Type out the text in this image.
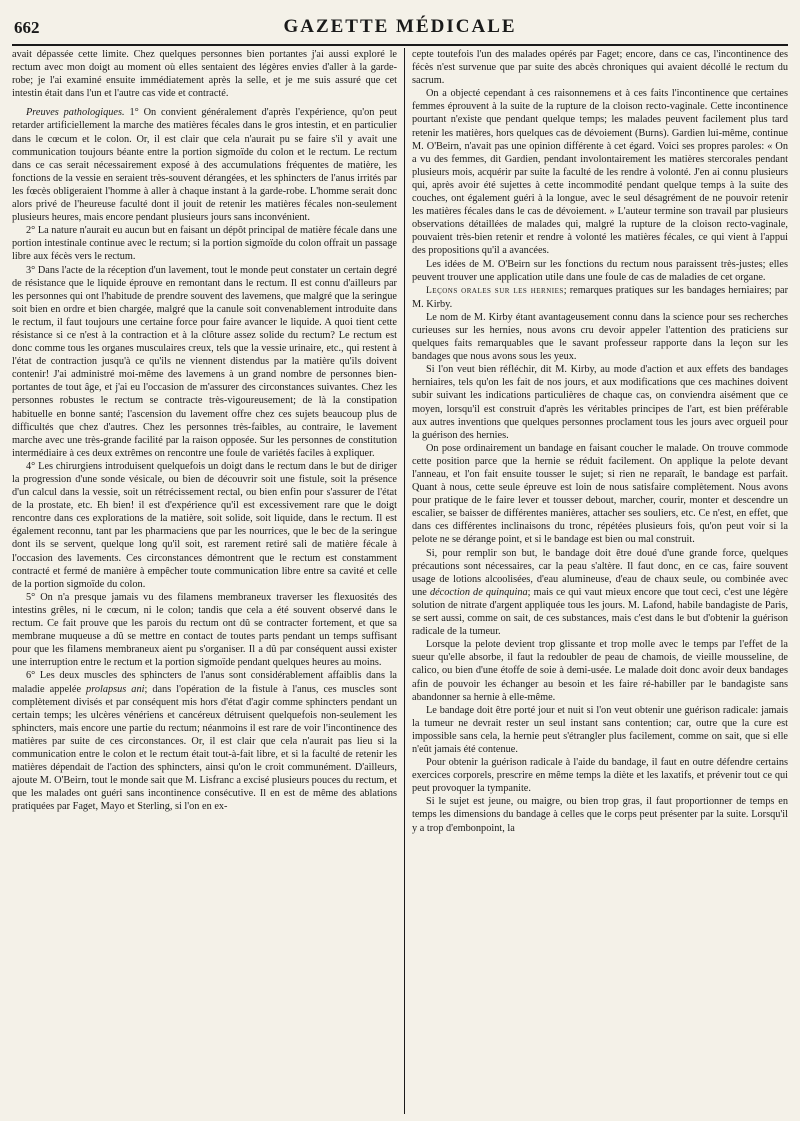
662	GAZETTE MÉDICALE

avait dépassée cette limite. Chez quelques personnes bien portantes j'ai aussi exploré le rectum avec mon doigt au moment où elles sentaient des légères envies d'aller à la garde-robe; je l'ai examiné ensuite immédiatement après la selle, et je me suis assuré que cet intestin était dans l'un et l'autre cas vide et contracté.

Preuves pathologiques. 1° On convient généralement d'après l'expérience, qu'on peut retarder artificiellement la marche des matières fécales dans le gros intestin, et en particulier dans le cœcum et le colon. Or, il est clair que cela n'aurait pu se faire s'il y avait une communication toujours béante entre la portion sigmoïde du colon et le rectum. Le rectum dans ce cas serait nécessairement exposé à des accumulations fréquentes de matière, les fonctions de la vessie en seraient très-souvent dérangées, et les sphincters de l'anus irrités par les fœcès obligeraient l'homme à aller à chaque instant à la garde-robe. L'homme serait donc alors privé de l'heureuse faculté dont il jouit de retenir les matières fécales non-seulement plusieurs heures, mais encore pendant plusieurs jours sans inconvénient.

2° La nature n'aurait eu aucun but en faisant un dépôt principal de matière fécale dans une portion intestinale continue avec le rectum; si la portion sigmoïde du colon offrait un passage libre aux fécès vers le rectum.

3° Dans l'acte de la réception d'un lavement, tout le monde peut constater un certain degré de résistance que le liquide éprouve en remontant dans le rectum. Il est connu d'ailleurs par les personnes qui ont l'habitude de prendre souvent des lavemens, que malgré que la seringue soit bien en ordre et bien chargée, malgré que la canule soit convenablement introduite dans le rectum, il faut toujours une certaine force pour faire avancer le liquide. A quoi tient cette résistance si ce n'est à la contraction et à la clôture assez solide du rectum? Le rectum est donc comme tous les organes musculaires creux, tels que la vessie urinaire, etc., qui restent à l'état de contraction jusqu'à ce qu'ils ne viennent distendus par la matière qu'ils doivent contenir! J'ai administré moi-même des lavemens à un grand nombre de personnes bien-portantes de tout âge, et j'ai eu l'occasion de m'assurer des circonstances suivantes. Chez les personnes robustes le rectum se contracte très-vigoureusement; de là la constipation habituelle en bonne santé; l'ascension du lavement offre chez ces sujets beaucoup plus de difficultés que chez d'autres. Chez les personnes très-faibles, au contraire, le lavement marche avec une très-grande facilité par la raison opposée. Sur les personnes de constitution intermédiaire à ces deux extrêmes on rencontre une foule de variétés faciles à expliquer.

4° Les chirurgiens introduisent quelquefois un doigt dans le rectum dans le but de diriger la progression d'une sonde vésicale, ou bien de découvrir soit une fistule, soit la présence d'un calcul dans la vessie, soit un rétrécissement rectal, ou bien enfin pour s'assurer de l'état de la prostate, etc. Eh bien! il est d'expérience qu'il est excessivement rare que le doigt rencontre dans ces explorations de la matière, soit solide, soit liquide, dans le rectum. Il est également reconnu, tant par les pharmaciens que par les nourrices, que le bec de la seringue dont ils se servent, quelque long qu'il soit, est rarement retiré sali de matière fécale à l'occasion des lavements. Ces circonstances démontrent que le rectum est constamment contracté et fermé de manière à empêcher toute communication libre entre sa cavité et celle de la portion sigmoïde du colon.

5° On n'a presque jamais vu des filamens membraneux traverser les flexuosités des intestins grêles, ni le cœcum, ni le colon; tandis que cela a été souvent observé dans le rectum. Ce fait prouve que les parois du rectum ont dû se contracter fortement, et que sa membrane muqueuse a dû se mettre en contact de toutes parts pendant un temps suffisant pour que les filamens membraneux aient pu s'organiser. Il a dû par conséquent aussi exister une interruption entre le rectum et la portion sigmoïde pendant quelques heures au moins.

6° Les deux muscles des sphincters de l'anus sont considérablement affaiblis dans la maladie appelée prolapsus ani; dans l'opération de la fistule à l'anus, ces muscles sont complètement divisés et par conséquent mis hors d'état d'agir comme sphincters pendant un certain temps; les ulcères vénériens et cancéreux détruisent quelquefois non-seulement les sphincters, mais encore une partie du rectum; néanmoins il est rare de voir l'incontinence des matières par suite de ces circonstances. Or, il est clair que cela n'aurait pas lieu si la communication entre le colon et le rectum était tout-à-fait libre, et si la faculté de retenir les matières dépendait de l'action des sphincters, ainsi qu'on le croit communément. D'ailleurs, ajoute M. O'Beirn, tout le monde sait que M. Lisfranc a excisé plusieurs pouces du rectum, et que les malades ont guéri sans incontinence consécutive. Il en est de même des ablations pratiquées par Faget, Mayo et Sterling, si l'on en ex-

cepte toutefois l'un des malades opérés par Faget; encore, dans ce cas, l'incontinence des fécès n'est survenue que par suite des abcès chroniques qui avaient décollé le rectum du sacrum.

On a objecté cependant à ces raisonnemens et à ces faits l'incontinence que certaines femmes éprouvent à la suite de la rupture de la cloison recto-vaginale. Cette incontinence pourtant n'existe que pendant quelque temps; les malades peuvent facilement plus tard retenir les matières, hors quelques cas de dévoiement (Burns). Gardien lui-même, continue M. O'Beirn, n'avait pas une opinion différente à cet égard. Voici ses propres paroles: « On a vu des femmes, dit Gardien, pendant involontairement les matières stercorales pendant plusieurs mois, acquérir par suite la faculté de les rendre à volonté. J'en ai connu plusieurs qui, après avoir été sujettes à cette incommodité pendant quelque temps à la suite des couches, ont également guéri à la longue, avec le seul désagrément de ne pouvoir retenir les matières fécales dans le cas de dévoiement. » L'auteur termine son travail par plusieurs observations détaillées de malades qui, malgré la rupture de la cloison recto-vaginale, pouvaient très-bien retenir et rendre à volonté les matières fécales, ce qui vient à l'appui des propositions qu'il a avancées.

Les idées de M. O'Beirn sur les fonctions du rectum nous paraissent très-justes; elles peuvent trouver une application utile dans une foule de cas de maladies de cet organe.

Leçons orales sur les hernies; remarques pratiques sur les bandages herniaires; par M. Kirby.

Le nom de M. Kirby étant avantageusement connu dans la science pour ses recherches curieuses sur les hernies, nous avons cru devoir appeler l'attention des praticiens sur quelques faits remarquables que le savant professeur rapporte dans la leçon sur les bandages que nous avons sous les yeux.

Si l'on veut bien réfléchir, dit M. Kirby, au mode d'action et aux effets des bandages herniaires, tels qu'on les fait de nos jours, et aux modifications que ces machines doivent subir suivant les indications particulières de chaque cas, on conviendra aisément que ce moyen, lorsqu'il est construit d'après les véritables principes de l'art, est bien préférable aux autres inventions que quelques personnes proclament tous les jours avec orgueil pour la guérison des hernies.

On pose ordinairement un bandage en faisant coucher le malade. On trouve commode cette position parce que la hernie se réduit facilement. On applique la pelote devant l'anneau, et l'on fait ensuite tousser le sujet; si rien ne reparaît, le bandage est parfait. Quant à nous, cette seule épreuve est loin de nous satisfaire complètement. Nous avons pour pratique de le faire lever et tousser debout, marcher, courir, monter et descendre un escalier, se baisser de différentes manières, attacher ses souliers, etc. Ce n'est, en effet, que dans ces différentes inclinaisons du tronc, répétées plusieurs fois, qu'on peut voir si la pelote ne se dérange point, et si le bandage est bien ou mal construit.

Si, pour remplir son but, le bandage doit être doué d'une grande force, quelques précautions sont nécessaires, car la peau s'altère. Il faut donc, en ce cas, faire souvent usage de lotions alcoolisées, d'eau alumineuse, d'eau de chaux seule, ou combinée avec une décoction de quinquina; mais ce qui vaut mieux encore que tout ceci, c'est une légère solution de nitrate d'argent appliquée tous les jours. M. Lafond, habile bandagiste de Paris, se sert aussi, comme on sait, de ces substances, mais c'est dans le but d'obtenir la guérison radicale de la tumeur.

Lorsque la pelote devient trop glissante et trop molle avec le temps par l'effet de la sueur qu'elle absorbe, il faut la redoubler de peau de chamois, de vieille mousseline, de calico, ou bien d'une étoffe de soie à demi-usée. Le malade doit donc avoir deux bandages afin de pouvoir les échanger au besoin et les faire ré-habiller par le bandagiste sans abandonner sa hernie à elle-même.

Le bandage doit être porté jour et nuit si l'on veut obtenir une guérison radicale: jamais la tumeur ne devrait rester un seul instant sans contention; car, outre que la cure est impossible sans cela, la hernie peut s'étrangler plus facilement, comme on sait, que si elle n'eût jamais été contenue.

Pour obtenir la guérison radicale à l'aide du bandage, il faut en outre défendre certains exercices corporels, prescrire en même temps la diète et les laxatifs, et prévenir tout ce qui peut provoquer la tympanite.

Si le sujet est jeune, ou maigre, ou bien trop gras, il faut proportionner de temps en temps les dimensions du bandage à celles que le corps peut présenter par la suite. Lorsqu'il y a trop d'embonpoint, la
